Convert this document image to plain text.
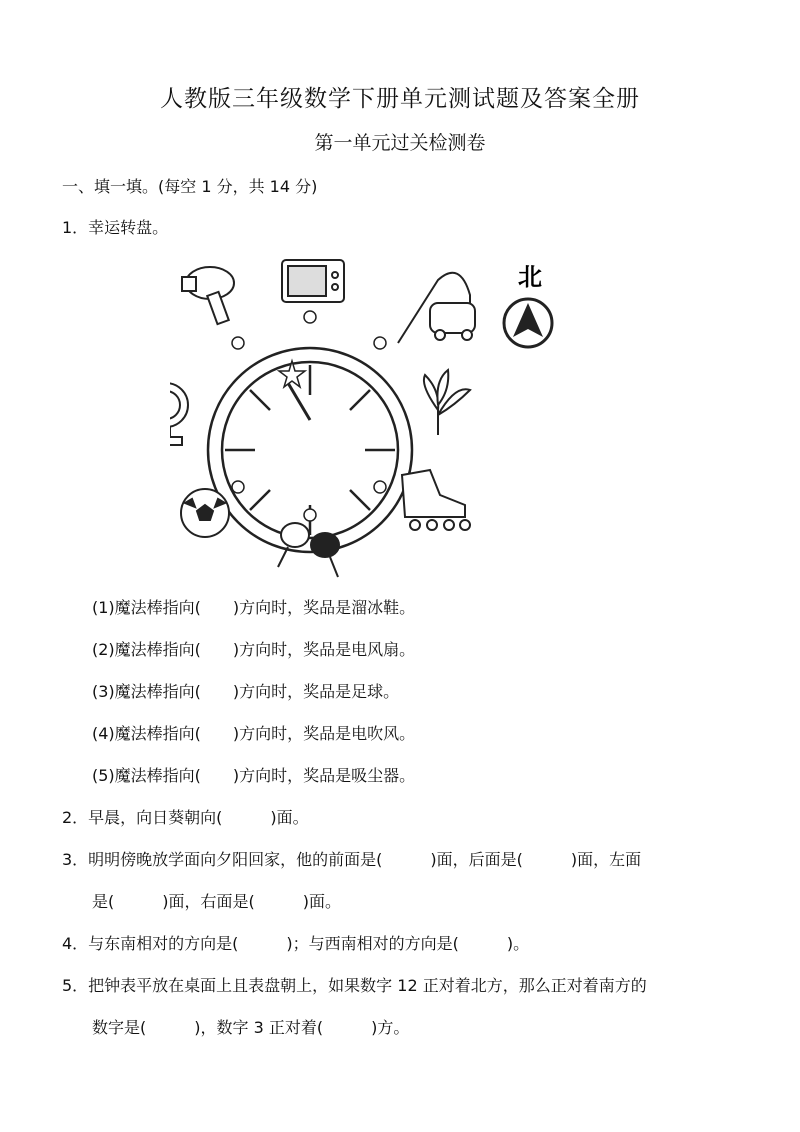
人教版三年级数学下册单元测试题及答案全册
第一单元过关检测卷
一、填一填。(每空 1 分，共 14 分)
1．幸运转盘。
北
(1)魔法棒指向(　　)方向时，奖品是溜冰鞋。
(2)魔法棒指向(　　)方向时，奖品是电风扇。
(3)魔法棒指向(　　)方向时，奖品是足球。
(4)魔法棒指向(　　)方向时，奖品是电吹风。
(5)魔法棒指向(　　)方向时，奖品是吸尘器。
2．早晨，向日葵朝向(　　　)面。
3．明明傍晚放学面向夕阳回家，他的前面是(　　　)面，后面是(　　　)面，左面
是(　　　)面，右面是(　　　)面。
4．与东南相对的方向是(　　　)；与西南相对的方向是(　　　)。
5．把钟表平放在桌面上且表盘朝上，如果数字 12 正对着北方，那么正对着南方的
数字是(　　　)，数字 3 正对着(　　　)方。
